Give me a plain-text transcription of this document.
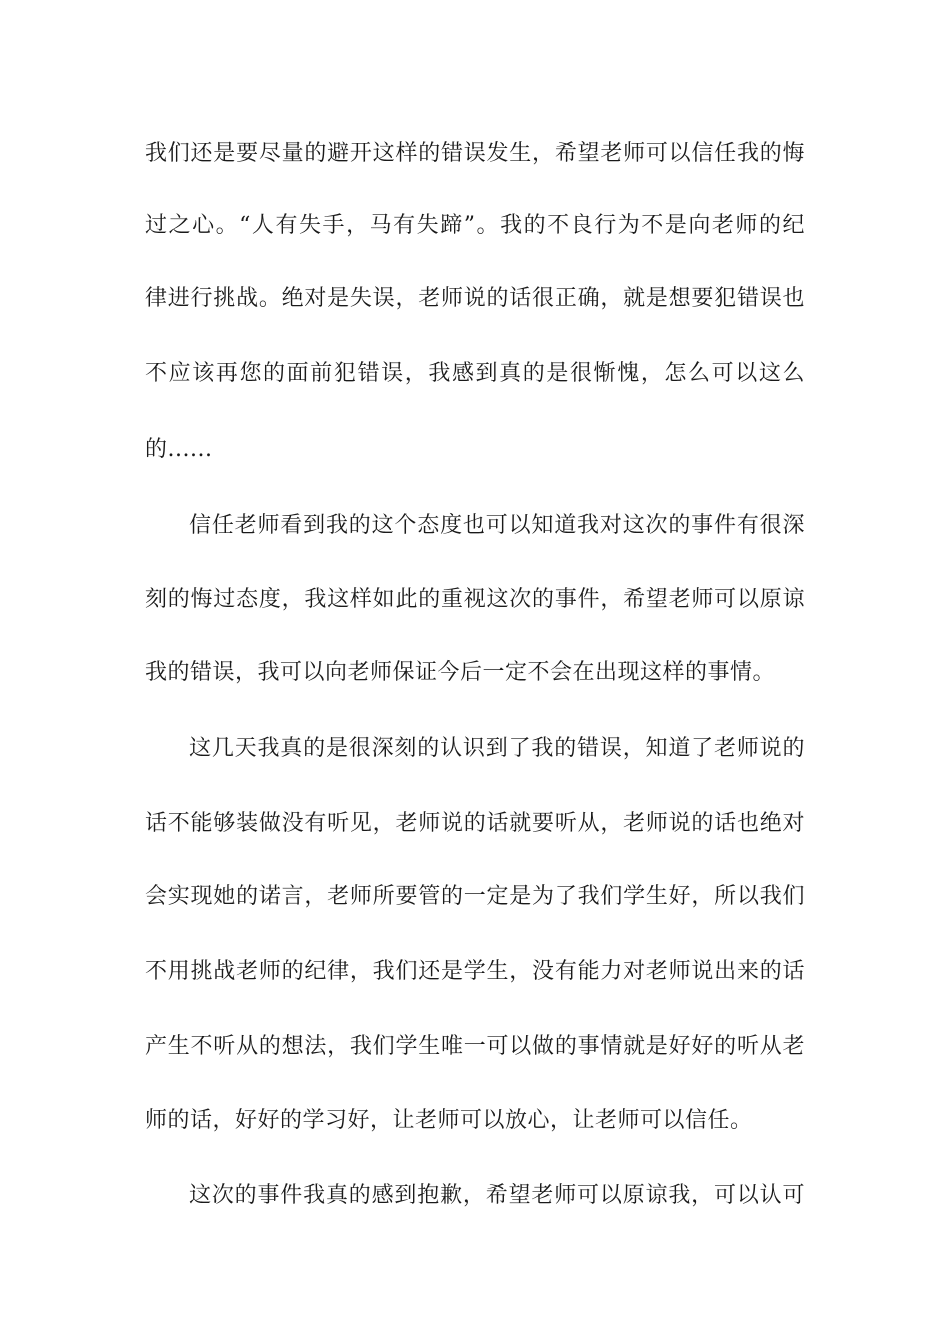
我们还是要尽量的避开这样的错误发生，希望老师可以信任我的悔
过之心。“人有失手，马有失蹄”。我的不良行为不是向老师的纪
律进行挑战。绝对是失误，老师说的话很正确，就是想要犯错误也
不应该再您的面前犯错误，我感到真的是很惭愧，怎么可以这么
的......
信任老师看到我的这个态度也可以知道我对这次的事件有很深
刻的悔过态度，我这样如此的重视这次的事件，希望老师可以原谅
我的错误，我可以向老师保证今后一定不会在出现这样的事情。
这几天我真的是很深刻的认识到了我的错误，知道了老师说的
话不能够装做没有听见，老师说的话就要听从，老师说的话也绝对
会实现她的诺言，老师所要管的一定是为了我们学生好，所以我们
不用挑战老师的纪律，我们还是学生，没有能力对老师说出来的话
产生不听从的想法，我们学生唯一可以做的事情就是好好的听从老
师的话，好好的学习好，让老师可以放心，让老师可以信任。
这次的事件我真的感到抱歉，希望老师可以原谅我，可以认可
